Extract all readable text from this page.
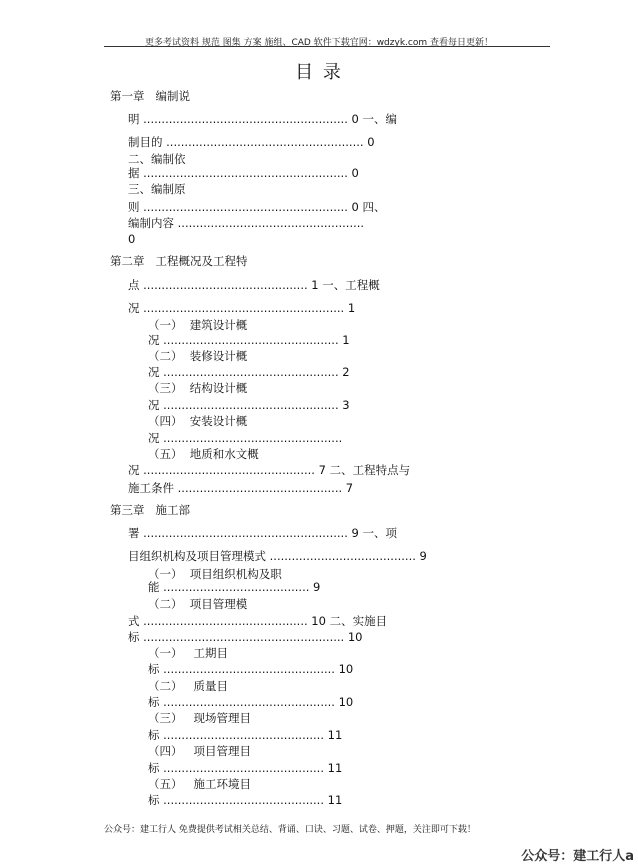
更多考试资料 规范 图集 方案 施组、CAD 软件下载官网：wdzyk.com 查看每日更新！
目 录
第一章   编制说
明 ........................................................ 0 一、编
制目的 ...................................................... 0
二、编制依
据 ........................................................ 0
三、编制原
则 ........................................................ 0 四、
编制内容 ...................................................
0
第二章   工程概况及工程特
点 ............................................. 1 一、工程概
况 ....................................................... 1
（一）  建筑设计概
况 ................................................ 1
（二）  装修设计概
况 ................................................ 2
（三）  结构设计概
况 ................................................ 3
（四）  安装设计概
况 .................................................
（五）  地质和水文概
况 ............................................... 7 二、工程特点与
施工条件 ............................................. 7
第三章   施工部
署 ........................................................ 9 一、项
目组织机构及项目管理模式 ........................................ 9
（一）  项目组织机构及职
能 ........................................ 9
（二）  项目管理模
式 ............................................. 10 二、实施目
标 ....................................................... 10
（一）   工期目
标 ............................................... 10
（二）   质量目
标 ............................................... 10
（三）   现场管理目
标 ............................................ 11
（四）   项目管理目
标 ............................................ 11
（五）   施工环境目
标 ............................................ 11
公众号：建工行人 免费提供考试相关总结、背诵、口诀、习题、试卷、押题，关注即可下载！
公众号：建工行人a
